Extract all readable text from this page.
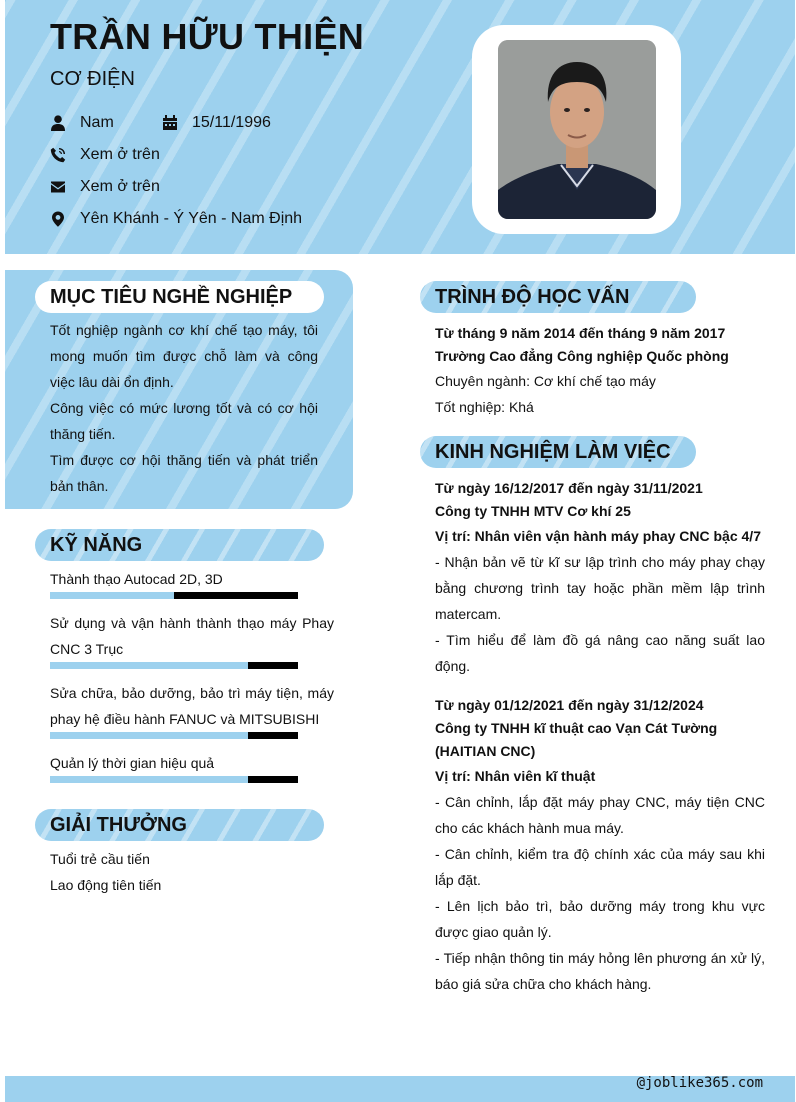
TRẦN HỮU THIỆN
CƠ ĐIỆN
Nam	15/11/1996
Xem ở trên
Xem ở trên
Yên Khánh - Ý Yên - Nam Định
MỤC TIÊU NGHỀ NGHIỆP
Tốt nghiệp ngành cơ khí chế tạo máy, tôi mong muốn tìm được chỗ làm và công việc lâu dài ổn định.
Công việc có mức lương tốt và có cơ hội thăng tiến.
Tìm được cơ hội thăng tiến và phát triển bản thân.
KỸ NĂNG
Thành thạo Autocad 2D, 3D
Sử dụng và vận hành thành thạo máy Phay CNC 3 Trục
Sửa chữa, bảo dưỡng, bảo trì máy tiện, máy phay hệ điều hành FANUC và MITSUBISHI
Quản lý thời gian hiệu quả
GIẢI THƯỞNG
Tuổi trẻ cầu tiến
Lao động tiên tiến
TRÌNH ĐỘ HỌC VẤN
Từ tháng 9 năm 2014 đến tháng 9 năm 2017
Trường Cao đẳng Công nghiệp Quốc phòng
Chuyên ngành: Cơ khí chế tạo máy
Tốt nghiệp: Khá
KINH NGHIỆM LÀM VIỆC
Từ ngày 16/12/2017 đến ngày 31/11/2021
Công ty TNHH MTV Cơ khí 25
Vị trí: Nhân viên vận hành máy phay CNC bậc 4/7
- Nhận bản vẽ từ kĩ sư lập trình cho máy phay chạy bằng chương trình tay hoặc phần mềm lập trình matercam.
- Tìm hiểu để làm đồ gá nâng cao năng suất lao động.
Từ ngày 01/12/2021 đến ngày 31/12/2024
Công ty TNHH kĩ thuật cao Vạn Cát Tường (HAITIAN CNC)
Vị trí: Nhân viên kĩ thuật
- Cân chỉnh, lắp đặt máy phay CNC, máy tiện CNC cho các khách hành mua máy.
- Cân chỉnh, kiểm tra độ chính xác của máy sau khi lắp đặt.
- Lên lịch bảo trì, bảo dưỡng máy trong khu vực được giao quản lý.
- Tiếp nhận thông tin máy hỏng lên phương án xử lý, báo giá sửa chữa cho khách hàng.
@joblike365.com
